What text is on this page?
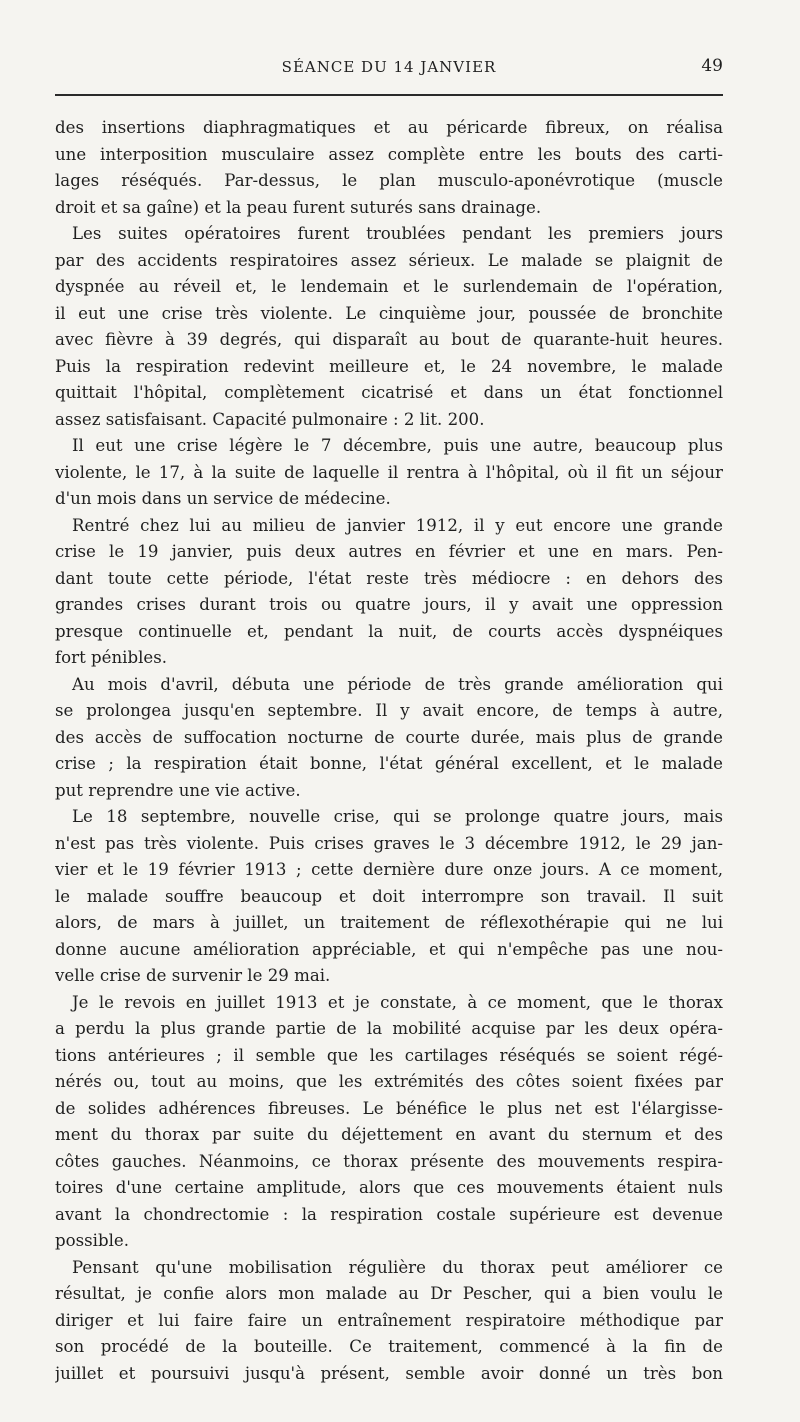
SÉANCE DU 14 JANVIER	49
des insertions diaphragmatiques et au péricarde fibreux, on réalisa
une interposition musculaire assez complète entre les bouts des carti-
lages réséqués. Par-dessus, le plan musculo-aponévrotique (muscle
droit et sa gaîne) et la peau furent suturés sans drainage.
Les suites opératoires furent troublées pendant les premiers jours
par des accidents respiratoires assez sérieux. Le malade se plaignit de
dyspnée au réveil et, le lendemain et le surlendemain de l'opération,
il eut une crise très violente. Le cinquième jour, poussée de bronchite
avec fièvre à 39 degrés, qui disparaît au bout de quarante-huit heures.
Puis la respiration redevint meilleure et, le 24 novembre, le malade
quittait l'hôpital, complètement cicatrisé et dans un état fonctionnel
assez satisfaisant. Capacité pulmonaire : 2 lit. 200.
Il eut une crise légère le 7 décembre, puis une autre, beaucoup plus
violente, le 17, à la suite de laquelle il rentra à l'hôpital, où il fit un séjour
d'un mois dans un service de médecine.
Rentré chez lui au milieu de janvier 1912, il y eut encore une grande
crise le 19 janvier, puis deux autres en février et une en mars. Pen-
dant toute cette période, l'état reste très médiocre : en dehors des
grandes crises durant trois ou quatre jours, il y avait une oppression
presque continuelle et, pendant la nuit, de courts accès dyspnéiques
fort pénibles.
Au mois d'avril, débuta une période de très grande amélioration qui
se prolongea jusqu'en septembre. Il y avait encore, de temps à autre,
des accès de suffocation nocturne de courte durée, mais plus de grande
crise ; la respiration était bonne, l'état général excellent, et le malade
put reprendre une vie active.
Le 18 septembre, nouvelle crise, qui se prolonge quatre jours, mais
n'est pas très violente. Puis crises graves le 3 décembre 1912, le 29 jan-
vier et le 19 février 1913 ; cette dernière dure onze jours. A ce moment,
le malade souffre beaucoup et doit interrompre son travail. Il suit
alors, de mars à juillet, un traitement de réflexothérapie qui ne lui
donne aucune amélioration appréciable, et qui n'empêche pas une nou-
velle crise de survenir le 29 mai.
Je le revois en juillet 1913 et je constate, à ce moment, que le thorax
a perdu la plus grande partie de la mobilité acquise par les deux opéra-
tions antérieures ; il semble que les cartilages réséqués se soient régé-
nérés ou, tout au moins, que les extrémités des côtes soient fixées par
de solides adhérences fibreuses. Le bénéfice le plus net est l'élargisse-
ment du thorax par suite du déjettement en avant du sternum et des
côtes gauches. Néanmoins, ce thorax présente des mouvements respira-
toires d'une certaine amplitude, alors que ces mouvements étaient nuls
avant la chondrectomie : la respiration costale supérieure est devenue
possible.
Pensant qu'une mobilisation régulière du thorax peut améliorer ce
résultat, je confie alors mon malade au Dr Pescher, qui a bien voulu le
diriger et lui faire faire un entraînement respiratoire méthodique par
son procédé de la bouteille. Ce traitement, commencé à la fin de
juillet et poursuivi jusqu'à présent, semble avoir donné un très bon
